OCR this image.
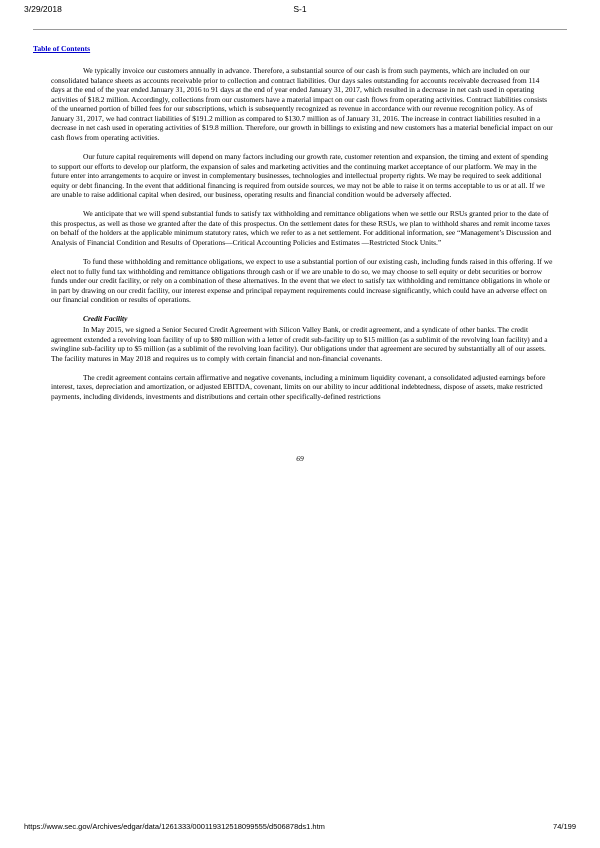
3/29/2018	S-1
Table of Contents

We typically invoice our customers annually in advance. Therefore, a substantial source of our cash is from such payments, which are included on our consolidated balance sheets as accounts receivable prior to collection and contract liabilities. Our days sales outstanding for accounts receivable decreased from 114 days at the end of the year ended January 31, 2016 to 91 days at the end of year ended January 31, 2017, which resulted in a decrease in net cash used in operating activities of $18.2 million. Accordingly, collections from our customers have a material impact on our cash flows from operating activities. Contract liabilities consists of the unearned portion of billed fees for our subscriptions, which is subsequently recognized as revenue in accordance with our revenue recognition policy. As of January 31, 2017, we had contract liabilities of $191.2 million as compared to $130.7 million as of January 31, 2016. The increase in contract liabilities resulted in a decrease in net cash used in operating activities of $19.8 million. Therefore, our growth in billings to existing and new customers has a material beneficial impact on our cash flows from operating activities.

Our future capital requirements will depend on many factors including our growth rate, customer retention and expansion, the timing and extent of spending to support our efforts to develop our platform, the expansion of sales and marketing activities and the continuing market acceptance of our platform. We may in the future enter into arrangements to acquire or invest in complementary businesses, technologies and intellectual property rights. We may be required to seek additional equity or debt financing. In the event that additional financing is required from outside sources, we may not be able to raise it on terms acceptable to us or at all. If we are unable to raise additional capital when desired, our business, operating results and financial condition would be adversely affected.

We anticipate that we will spend substantial funds to satisfy tax withholding and remittance obligations when we settle our RSUs granted prior to the date of this prospectus, as well as those we granted after the date of this prospectus. On the settlement dates for these RSUs, we plan to withhold shares and remit income taxes on behalf of the holders at the applicable minimum statutory rates, which we refer to as a net settlement. For additional information, see “Management’s Discussion and Analysis of Financial Condition and Results of Operations—Critical Accounting Policies and Estimates —Restricted Stock Units.”

To fund these withholding and remittance obligations, we expect to use a substantial portion of our existing cash, including funds raised in this offering. If we elect not to fully fund tax withholding and remittance obligations through cash or if we are unable to do so, we may choose to sell equity or debt securities or borrow funds under our credit facility, or rely on a combination of these alternatives. In the event that we elect to satisfy tax withholding and remittance obligations in whole or in part by drawing on our credit facility, our interest expense and principal repayment requirements could increase significantly, which could have an adverse effect on our financial condition or results of operations.

Credit Facility

In May 2015, we signed a Senior Secured Credit Agreement with Silicon Valley Bank, or credit agreement, and a syndicate of other banks. The credit agreement extended a revolving loan facility of up to $80 million with a letter of credit sub-facility up to $15 million (as a sublimit of the revolving loan facility) and a swingline sub-facility up to $5 million (as a sublimit of the revolving loan facility). Our obligations under that agreement are secured by substantially all of our assets. The facility matures in May 2018 and requires us to comply with certain financial and non-financial covenants.

The credit agreement contains certain affirmative and negative covenants, including a minimum liquidity covenant, a consolidated adjusted earnings before interest, taxes, depreciation and amortization, or adjusted EBITDA, covenant, limits on our ability to incur additional indebtedness, dispose of assets, make restricted payments, including dividends, investments and distributions and certain other specifically-defined restrictions

69
https://www.sec.gov/Archives/edgar/data/1261333/000119312518099555/d506878ds1.htm	74/199
